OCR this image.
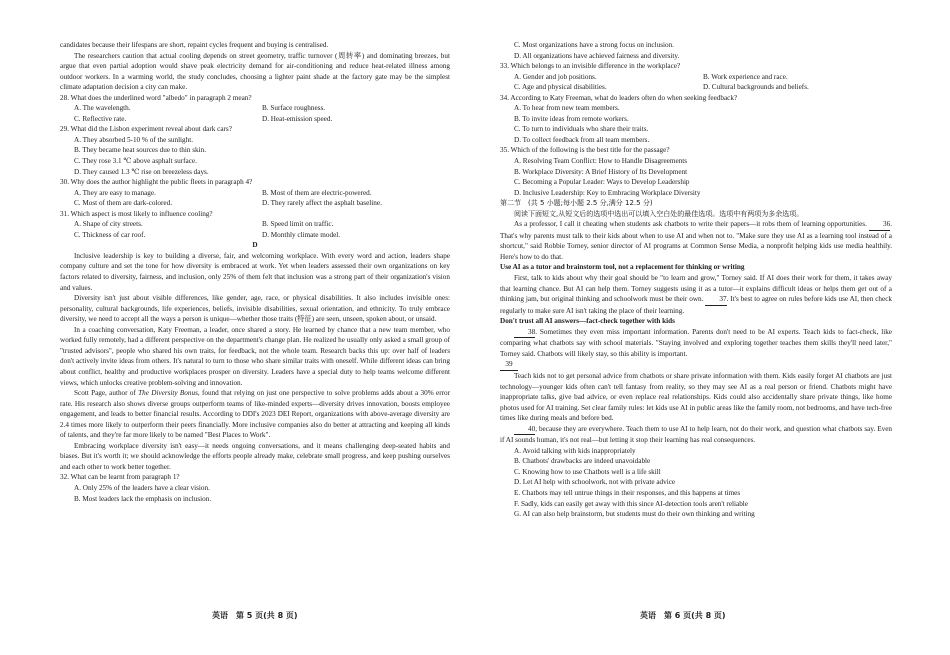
candidates because their lifespans are short, repaint cycles frequent and buying is centralised.

The researchers caution that actual cooling depends on street geometry, traffic turnover (周转率) and dominating breezes, but argue that even partial adoption would shave peak electricity demand for air-conditioning and reduce heat-related illness among outdoor workers. In a warming world, the study concludes, choosing a lighter paint shade at the factory gate may be the simplest climate adaptation decision a city can make.

28. What does the underlined word "albedo" in paragraph 2 mean?
A. The wavelength.	B. Surface roughness.
C. Reflective rate.	D. Heat-emission speed.
29. What did the Lisbon experiment reveal about dark cars?
A. They absorbed 5-10 % of the sunlight.
B. They became heat sources due to thin skin.
C. They rose 3.1 ℃ above asphalt surface.
D. They caused 1.3 ℃ rise on breezeless days.
30. Why does the author highlight the public fleets in paragraph 4?
A. They are easy to manage.	B. Most of them are electric-powered.
C. Most of them are dark-colored.	D. They rarely affect the asphalt baseline.
31. Which aspect is most likely to influence cooling?
A. Shape of city streets.	B. Speed limit on traffic.
C. Thickness of car roof.	D. Monthly climate model.
D

Inclusive leadership is key to building a diverse, fair, and welcoming workplace. With every word and action, leaders shape company culture and set the tone for how diversity is embraced at work. Yet when leaders assessed their own organizations on key factors related to diversity, fairness, and inclusion, only 25% of them felt that inclusion was a strong part of their organization's vision and values.

Diversity isn't just about visible differences, like gender, age, race, or physical disabilities. It also includes invisible ones: personality, cultural backgrounds, life experiences, beliefs, invisible disabilities, sexual orientation, and ethnicity. To truly embrace diversity, we need to accept all the ways a person is unique—whether those traits (特征) are seen, unseen, spoken about, or unsaid.

In a coaching conversation, Katy Freeman, a leader, once shared a story. He learned by chance that a new team member, who worked fully remotely, had a different perspective on the department's change plan. He realized he usually only asked a small group of "trusted advisors", people who shared his own traits, for feedback, not the whole team. Research backs this up: over half of leaders don't actively invite ideas from others. It's natural to turn to those who share similar traits with oneself. While different ideas can bring about conflict, healthy and productive workplaces prosper on diversity. Leaders have a special duty to help teams welcome different views, which unlocks creative problem-solving and innovation.

Scott Page, author of The Diversity Bonus, found that relying on just one perspective to solve problems adds about a 30% error rate. His research also shows diverse groups outperform teams of like-minded experts—diversity drives innovation, boosts employee engagement, and leads to better financial results. According to DDI's 2023 DEI Report, organizations with above-average diversity are 2.4 times more likely to outperform their peers financially. More inclusive companies also do better at attracting and keeping all kinds of talents, and they're far more likely to be named "Best Places to Work".

Embracing workplace diversity isn't easy—it needs ongoing conversations, and it means challenging deep-seated habits and biases. But it's worth it; we should acknowledge the efforts people already make, celebrate small progress, and keep pushing ourselves and each other to work better together.

32. What can be learnt from paragraph 1?
A. Only 25% of the leaders have a clear vision.
B. Most leaders lack the emphasis on inclusion.
C. Most organizations have a strong focus on inclusion.
D. All organizations have achieved fairness and diversity.
33. Which belongs to an invisible difference in the workplace?
A. Gender and job positions.	B. Work experience and race.
C. Age and physical disabilities.	D. Cultural backgrounds and beliefs.
34. According to Katy Freeman, what do leaders often do when seeking feedback?
A. To hear from new team members.
B. To invite ideas from remote workers.
C. To turn to individuals who share their traits.
D. To collect feedback from all team members.
35. Which of the following is the best title for the passage?
A. Resolving Team Conflict: How to Handle Disagreements
B. Workplace Diversity: A Brief History of Its Development
C. Becoming a Popular Leader: Ways to Develop Leadership
D. Inclusive Leadership: Key to Embracing Workplace Diversity
第二节　(共 5 小题;每小题 2.5 分,满分 12.5 分)

阅读下面短文,从短文后的选项中选出可以填入空白处的最佳选项。选项中有两项为多余选项。

As a professor, I call it cheating when students ask chatbots to write their papers—it robs them of learning opportunities. 36. That's why parents must talk to their kids about when to use AI and when not to. "Make sure they use AI as a learning tool instead of a shortcut," said Robbie Torney, senior director of AI programs at Common Sense Media, a nonprofit helping kids use media healthily. Here's how to do that.

Use AI as a tutor and brainstorm tool, not a replacement for thinking or writing

First, talk to kids about why their goal should be "to learn and grow," Torney said. If AI does their work for them, it takes away that learning chance. But AI can help them. Torney suggests using it as a tutor—it explains difficult ideas or helps them get out of a thinking jam, but original thinking and schoolwork must be their own. 37. It's best to agree on rules before kids use AI, then check regularly to make sure AI isn't taking the place of their learning.

Don't trust all AI answers—fact-check together with kids

38. Sometimes they even miss important information. Parents don't need to be AI experts. Teach kids to fact-check, like comparing what chatbots say with school materials. "Staying involved and exploring together teaches them skills they'll need later," Torney said. Chatbots will likely stay, so this ability is important.

39

Teach kids not to get personal advice from chatbots or share private information with them. Kids easily forget AI chatbots are just technology—younger kids often can't tell fantasy from reality, so they may see AI as a real person or friend. Chatbots might have inappropriate talks, give bad advice, or even replace real relationships. Kids could also accidentally share private things, like home photos used for AI training. Set clear family rules: let kids use AI in public areas like the family room, not bedrooms, and have tech-free times like during meals and before bed.

40, because they are everywhere. Teach them to use AI to help learn, not do their work, and question what chatbots say. Even if AI sounds human, it's not real—but letting it stop their learning has real consequences.

A. Avoid talking with kids inappropriately
B. Chatbots' drawbacks are indeed unavoidable
C. Knowing how to use Chatbots well is a life skill
D. Let AI help with schoolwork, not with private advice
E. Chatbots may tell untrue things in their responses, and this happens at times
F. Sadly, kids can easily get away with this since AI-detection tools aren't reliable
G. AI can also help brainstorm, but students must do their own thinking and writing
英语　第 5 页(共 8 页)	英语　第 6 页(共 8 页)
